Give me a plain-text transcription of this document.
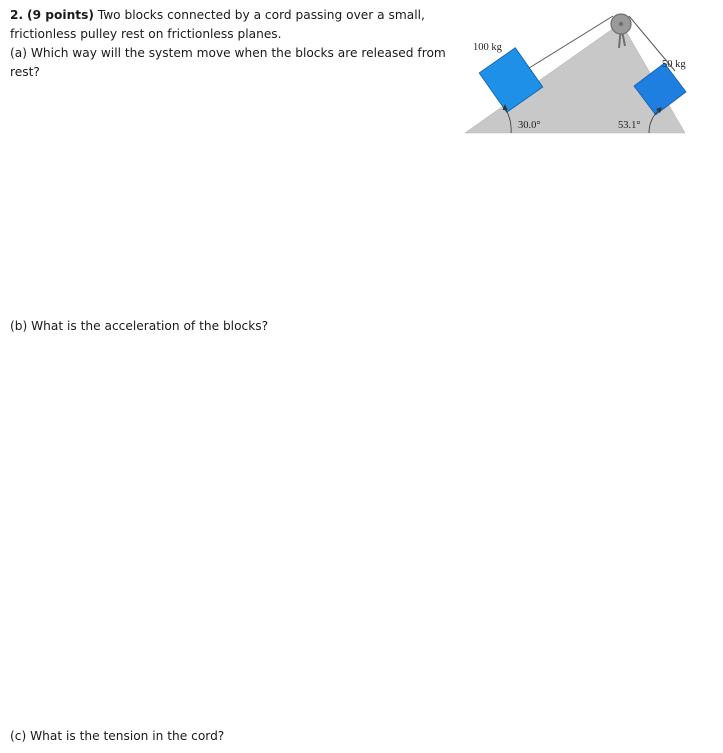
2. (9 points) Two blocks connected by a cord passing over a small, frictionless pulley rest on frictionless planes.
(a) Which way will the system move when the blocks are released from rest?
(b) What is the acceleration of the blocks?
(c) What is the tension in the cord?
100 kg
50 kg
30.0°	53.1°
